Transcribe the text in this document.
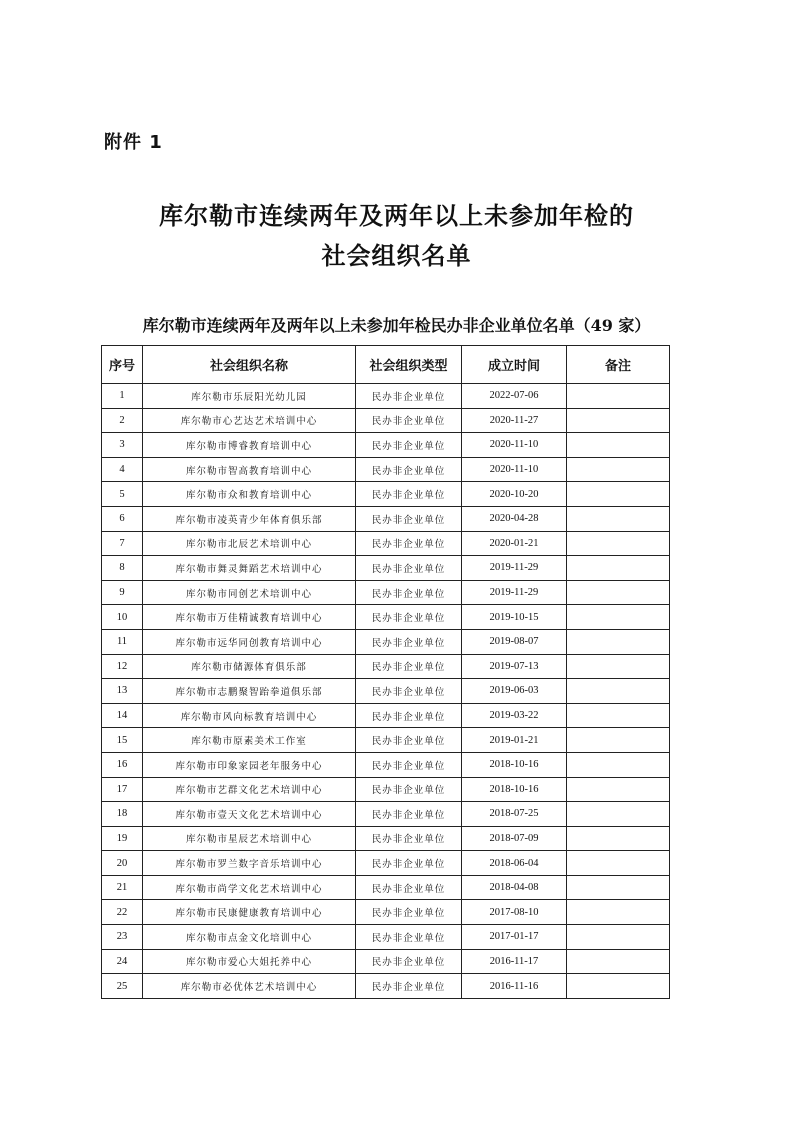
附件 1
库尔勒市连续两年及两年以上未参加年检的
社会组织名单
库尔勒市连续两年及两年以上未参加年检民办非企业单位名单（49 家）
序号	社会组织名称	社会组织类型	成立时间	备注
1	库尔勒市乐辰阳光幼儿园	民办非企业单位	2022-07-06	
2	库尔勒市心艺达艺术培训中心	民办非企业单位	2020-11-27	
3	库尔勒市博睿教育培训中心	民办非企业单位	2020-11-10	
4	库尔勒市智高教育培训中心	民办非企业单位	2020-11-10	
5	库尔勒市众和教育培训中心	民办非企业单位	2020-10-20	
6	库尔勒市凌英青少年体育俱乐部	民办非企业单位	2020-04-28	
7	库尔勒市北辰艺术培训中心	民办非企业单位	2020-01-21	
8	库尔勒市舞灵舞蹈艺术培训中心	民办非企业单位	2019-11-29	
9	库尔勒市同创艺术培训中心	民办非企业单位	2019-11-29	
10	库尔勒市万佳精诚教育培训中心	民办非企业单位	2019-10-15	
11	库尔勒市远华同创教育培训中心	民办非企业单位	2019-08-07	
12	库尔勒市储源体育俱乐部	民办非企业单位	2019-07-13	
13	库尔勒市志鹏聚智跆拳道俱乐部	民办非企业单位	2019-06-03	
14	库尔勒市风向标教育培训中心	民办非企业单位	2019-03-22	
15	库尔勒市原素美术工作室	民办非企业单位	2019-01-21	
16	库尔勒市印象家园老年服务中心	民办非企业单位	2018-10-16	
17	库尔勒市艺群文化艺术培训中心	民办非企业单位	2018-10-16	
18	库尔勒市壹天文化艺术培训中心	民办非企业单位	2018-07-25	
19	库尔勒市星辰艺术培训中心	民办非企业单位	2018-07-09	
20	库尔勒市罗兰数字音乐培训中心	民办非企业单位	2018-06-04	
21	库尔勒市尚学文化艺术培训中心	民办非企业单位	2018-04-08	
22	库尔勒市民康健康教育培训中心	民办非企业单位	2017-08-10	
23	库尔勒市点金文化培训中心	民办非企业单位	2017-01-17	
24	库尔勒市爱心大姐托养中心	民办非企业单位	2016-11-17	
25	库尔勒市必优体艺术培训中心	民办非企业单位	2016-11-16	
